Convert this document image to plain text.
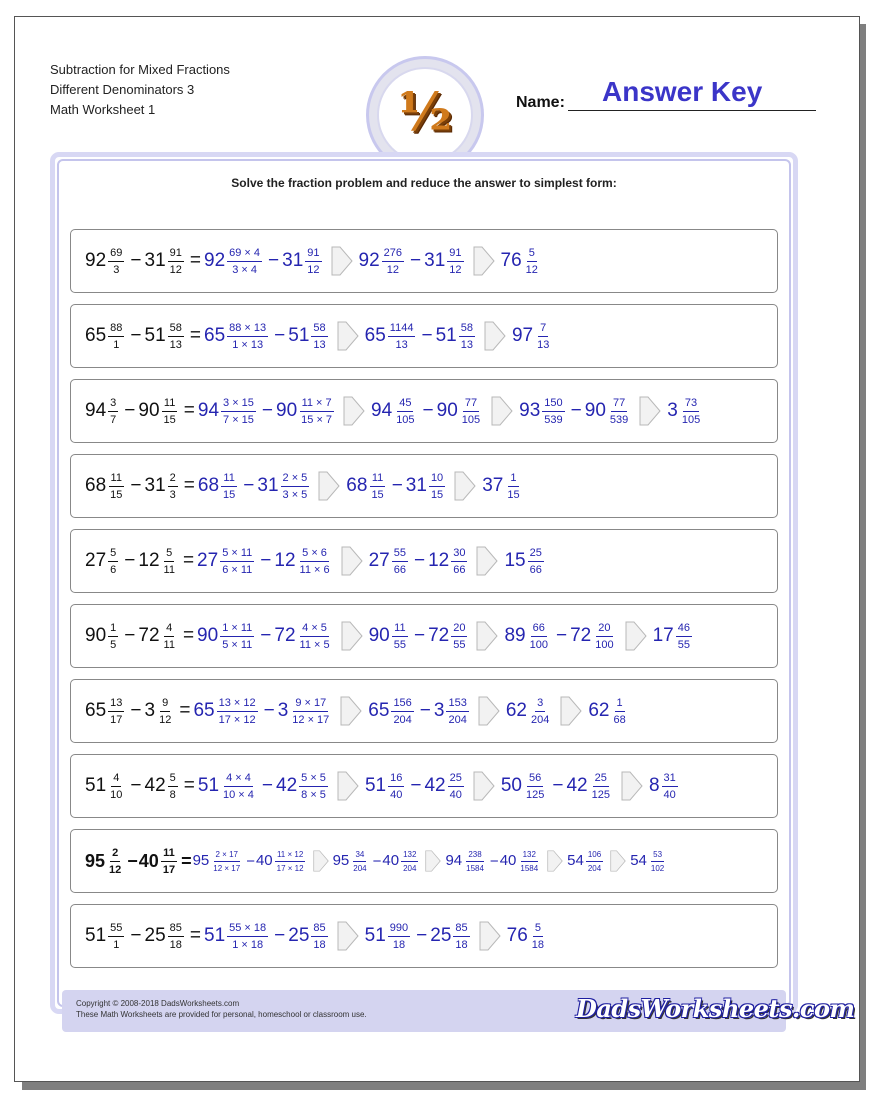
Subtraction for Mixed Fractions
Different Denominators 3
Math Worksheet 1	½	Name: Answer Key
Solve the fraction problem and reduce the answer to simplest form:
$92 \frac{69}{3} - 31 \frac{91}{12} = 92 \frac{69 \times 4}{3 \times 4} - 31 \frac{91}{12} 92 \frac{276}{12} - 31 \frac{91}{12} 76 \frac{5}{12}$
$65 \frac{88}{1} - 51 \frac{58}{13} = 65 \frac{88 \times 13}{1 \times 13} - 51 \frac{58}{13} 65 \frac{1144}{13} - 51 \frac{58}{13} 97 \frac{7}{13}$
$94 \frac{3}{7} - 90 \frac{11}{15} = 94 \frac{3 \times 15}{7 \times 15} - 90 \frac{11 \times 7}{15 \times 7} 94 \frac{45}{105} - 90 \frac{77}{105} 93 \frac{150}{539} - 90 \frac{77}{539} 3 \frac{73}{105}$
$68 \frac{11}{15} - 31 \frac{2}{3} = 68 \frac{11}{15} - 31 \frac{2 \times 5}{3 \times 5} 68 \frac{11}{15} - 31 \frac{10}{15} 37 \frac{1}{15}$
$27 \frac{5}{6} - 12 \frac{5}{11} = 27 \frac{5 \times 11}{6 \times 11} - 12 \frac{5 \times 6}{11 \times 6} 27 \frac{55}{66} - 12 \frac{30}{66} 15 \frac{25}{66}$
$90 \frac{1}{5} - 72 \frac{4}{11} = 90 \frac{1 \times 11}{5 \times 11} - 72 \frac{4 \times 5}{11 \times 5} 90 \frac{11}{55} - 72 \frac{20}{55} 89 \frac{66}{100} - 72 \frac{20}{100} 17 \frac{46}{55}$
$65 \frac{13}{17} - 3 \frac{9}{12} = 65 \frac{13 \times 12}{17 \times 12} - 3 \frac{9 \times 17}{12 \times 17} 65 \frac{156}{204} - 3 \frac{153}{204} 62 \frac{3}{204} 62 \frac{1}{68}$
$51 \frac{4}{10} - 42 \frac{5}{8} = 51 \frac{4 \times 4}{10 \times 4} - 42 \frac{5 \times 5}{8 \times 5} 51 \frac{16}{40} - 42 \frac{25}{40} 50 \frac{56}{125} - 42 \frac{25}{125} 8 \frac{31}{40}$
$95 \frac{2}{12} - 40 \frac{11}{17} = 95 \frac{2 \times 17}{12 \times 17} - 40 \frac{11 \times 12}{17 \times 12} 95 \frac{34}{204} - 40 \frac{132}{204} 94 \frac{238}{1584} - 40 \frac{132}{1584} 54 \frac{106}{204} 54 \frac{53}{102}$
$51 \frac{55}{1} - 25 \frac{85}{18} = 51 \frac{55 \times 18}{1 \times 18} - 25 \frac{85}{18} 51 \frac{990}{18} - 25 \frac{85}{18} 76 \frac{5}{18}$
Copyright © 2008-2018 DadsWorksheets.com
These Math Worksheets are provided for personal, homeschool or classroom use.	DadsWorksheets.com
